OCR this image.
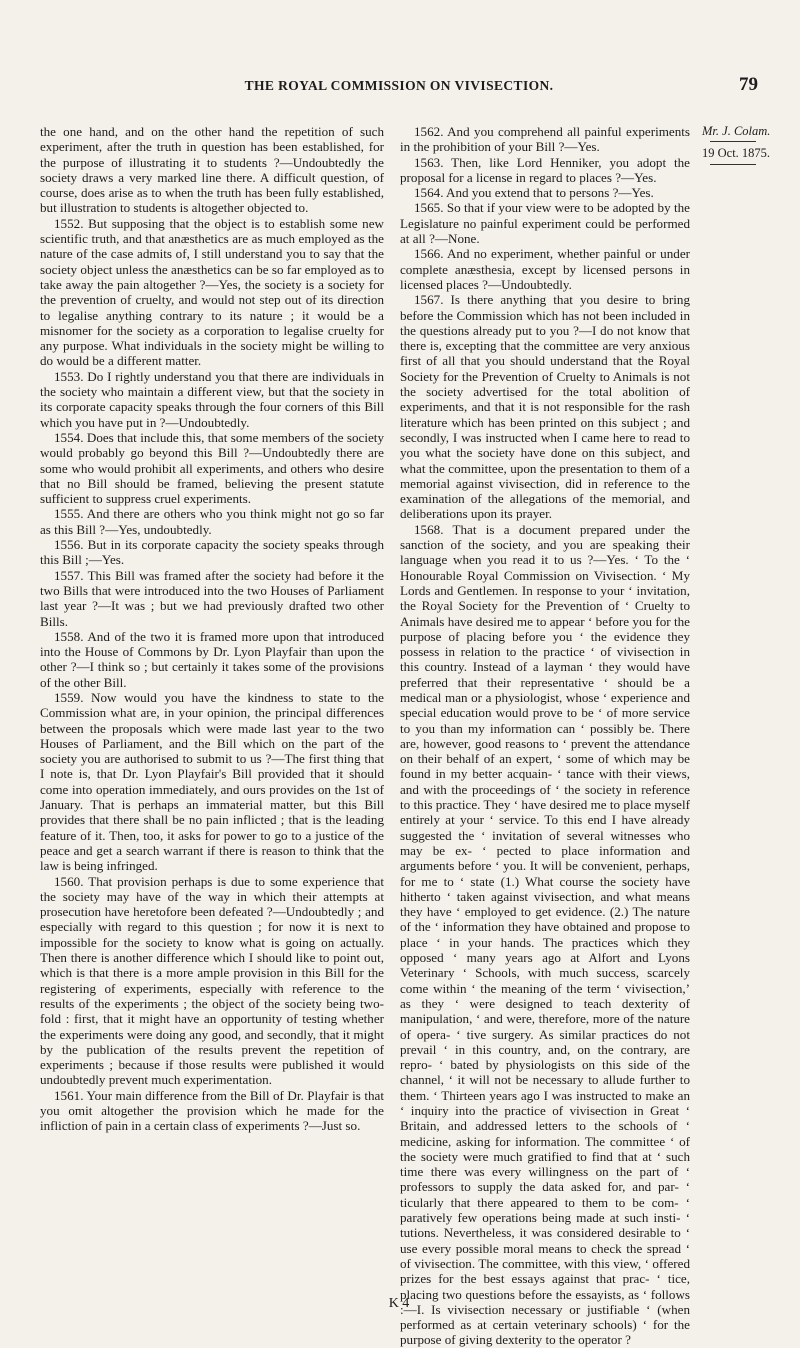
THE ROYAL COMMISSION ON VIVISECTION.	79

the one hand, and on the other hand the repetition of such experiment, after the truth in question has been established, for the purpose of illustrating it to students ?—Undoubtedly the society draws a very marked line there. A difficult question, of course, does arise as to when the truth has been fully established, but illustration to students is altogether objected to.

1552. But supposing that the object is to establish some new scientific truth, and that anæsthetics are as much employed as the nature of the case admits of, I still understand you to say that the society object unless the anæsthetics can be so far employed as to take away the pain altogether ?—Yes, the society is a society for the prevention of cruelty, and would not step out of its direction to legalise anything contrary to its nature ; it would be a misnomer for the society as a corporation to legalise cruelty for any purpose. What individuals in the society might be willing to do would be a different matter.

1553. Do I rightly understand you that there are individuals in the society who maintain a different view, but that the society in its corporate capacity speaks through the four corners of this Bill which you have put in ?—Undoubtedly.

1554. Does that include this, that some members of the society would probably go beyond this Bill ?—Undoubtedly there are some who would prohibit all experiments, and others who desire that no Bill should be framed, believing the present statute sufficient to suppress cruel experiments.

1555. And there are others who you think might not go so far as this Bill ?—Yes, undoubtedly.

1556. But in its corporate capacity the society speaks through this Bill ;—Yes.

1557. This Bill was framed after the society had before it the two Bills that were introduced into the two Houses of Parliament last year ?—It was ; but we had previously drafted two other Bills.

1558. And of the two it is framed more upon that introduced into the House of Commons by Dr. Lyon Playfair than upon the other ?—I think so ; but certainly it takes some of the provisions of the other Bill.

1559. Now would you have the kindness to state to the Commission what are, in your opinion, the principal differences between the proposals which were made last year to the two Houses of Parliament, and the Bill which on the part of the society you are authorised to submit to us ?—The first thing that I note is, that Dr. Lyon Playfair's Bill provided that it should come into operation immediately, and ours provides on the 1st of January. That is perhaps an immaterial matter, but this Bill provides that there shall be no pain inflicted ; that is the leading feature of it. Then, too, it asks for power to go to a justice of the peace and get a search warrant if there is reason to think that the law is being infringed.

1560. That provision perhaps is due to some experience that the society may have of the way in which their attempts at prosecution have heretofore been defeated ?—Undoubtedly ; and especially with regard to this question ; for now it is next to impossible for the society to know what is going on actually. Then there is another difference which I should like to point out, which is that there is a more ample provision in this Bill for the registering of experiments, especially with reference to the results of the experiments ; the object of the society being two-fold : first, that it might have an opportunity of testing whether the experiments were doing any good, and secondly, that it might by the publication of the results prevent the repetition of experiments ; because if those results were published it would undoubtedly prevent much experimentation.

1561. Your main difference from the Bill of Dr. Playfair is that you omit altogether the provision which he made for the infliction of pain in a certain class of experiments ?—Just so.

1562. And you comprehend all painful experiments in the prohibition of your Bill ?—Yes.

1563. Then, like Lord Henniker, you adopt the proposal for a license in regard to places ?—Yes.

1564. And you extend that to persons ?—Yes.

1565. So that if your view were to be adopted by the Legislature no painful experiment could be performed at all ?—None.

1566. And no experiment, whether painful or under complete anæsthesia, except by licensed persons in licensed places ?—Undoubtedly.

1567. Is there anything that you desire to bring before the Commission which has not been included in the questions already put to you ?—I do not know that there is, excepting that the committee are very anxious first of all that you should understand that the Royal Society for the Prevention of Cruelty to Animals is not the society advertised for the total abolition of experiments, and that it is not responsible for the rash literature which has been printed on this subject ; and secondly, I was instructed when I came here to read to you what the society have done on this subject, and what the committee, upon the presentation to them of a memorial against vivisection, did in reference to the examination of the allegations of the memorial, and deliberations upon its prayer.

1568. That is a document prepared under the sanction of the society, and you are speaking their language when you read it to us ?—Yes. ‘ To the ‘ Honourable Royal Commission on Vivisection. ‘ My Lords and Gentlemen. In response to your ‘ invitation, the Royal Society for the Prevention of ‘ Cruelty to Animals have desired me to appear ‘ before you for the purpose of placing before you ‘ the evidence they possess in relation to the practice ‘ of vivisection in this country. Instead of a layman ‘ they would have preferred that their representative ‘ should be a medical man or a physiologist, whose ‘ experience and special education would prove to be ‘ of more service to you than my information can ‘ possibly be. There are, however, good reasons to ‘ prevent the attendance on their behalf of an expert, ‘ some of which may be found in my better acquain- ‘ tance with their views, and with the proceedings of ‘ the society in reference to this practice. They ‘ have desired me to place myself entirely at your ‘ service. To this end I have already suggested the ‘ invitation of several witnesses who may be ex- ‘ pected to place information and arguments before ‘ you. It will be convenient, perhaps, for me to ‘ state (1.) What course the society have hitherto ‘ taken against vivisection, and what means they have ‘ employed to get evidence. (2.) The nature of the ‘ information they have obtained and propose to place ‘ in your hands. The practices which they opposed ‘ many years ago at Alfort and Lyons Veterinary ‘ Schools, with much success, scarcely come within ‘ the meaning of the term ‘ vivisection,’ as they ‘ were designed to teach dexterity of manipulation, ‘ and were, therefore, more of the nature of opera- ‘ tive surgery. As similar practices do not prevail ‘ in this country, and, on the contrary, are repro- ‘ bated by physiologists on this side of the channel, ‘ it will not be necessary to allude further to them. ‘ Thirteen years ago I was instructed to make an ‘ inquiry into the practice of vivisection in Great ‘ Britain, and addressed letters to the schools of ‘ medicine, asking for information. The committee ‘ of the society were much gratified to find that at ‘ such time there was every willingness on the part of ‘ professors to supply the data asked for, and par- ‘ ticularly that there appeared to them to be com- ‘ paratively few operations being made at such insti- ‘ tutions. Nevertheless, it was considered desirable to ‘ use every possible moral means to check the spread ‘ of vivisection. The committee, with this view, ‘ offered prizes for the best essays against that prac- ‘ tice, placing two questions before the essayists, as ‘ follows :—I. Is vivisection necessary or justifiable ‘ (when performed as at certain veterinary schools) ‘ for the purpose of giving dexterity to the operator ?

Mr. J. Colam.
19 Oct. 1875.
K 4
